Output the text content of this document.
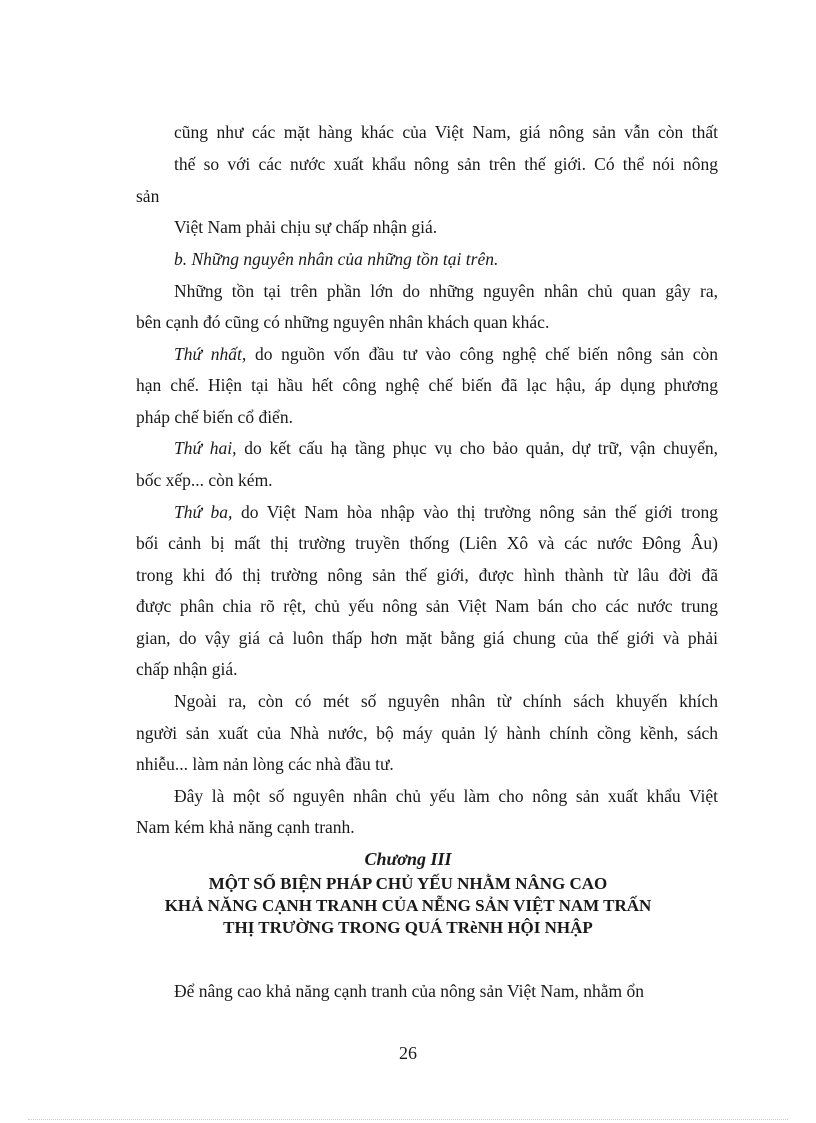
cũng như các mặt hàng khác của Việt Nam, giá nông sản vẫn còn thất

thế so với các nước xuất khẩu nông sản trên thế giới. Có thể nói nông

sản

Việt Nam phải chịu sự chấp nhận giá.

b. Những nguyên nhân của những tồn tại trên.

Những tồn tại trên phần lớn do những nguyên nhân chủ quan gây ra,

bên cạnh đó cũng có những nguyên nhân khách quan khác.

Thứ nhất, do nguồn vốn đầu tư vào công nghệ chế biến nông sản còn

hạn chế. Hiện tại hầu hết công nghệ chế biến đã lạc hậu, áp dụng phương

pháp chế biến cổ điển.

Thứ hai, do kết cấu hạ tầng phục vụ cho bảo quản, dự trữ, vận chuyển,

bốc xếp... còn kém.

Thứ ba, do Việt Nam hòa nhập vào thị trường nông sản thế giới trong

bối cảnh bị mất thị trường truyền thống (Liên Xô và các nước Đông Âu)

trong khi đó thị trường nông sản thế giới, được hình thành từ lâu đời đã

được phân chia rõ rệt, chủ yếu nông sản Việt Nam bán cho các nước trung

gian, do vậy giá cả luôn thấp hơn mặt bằng giá chung của thế giới và phải

chấp nhận giá.

Ngoài ra, còn có mét số nguyên nhân từ chính sách khuyến khích

người sản xuất của Nhà nước, bộ máy quản lý hành chính cồng kềnh, sách

nhiễu... làm nản lòng các nhà đầu tư.

Đây là một số nguyên nhân chủ yếu làm cho nông sản xuất khẩu Việt

Nam kém khả năng cạnh tranh.

Chương III

MỘT SỐ BIỆN PHÁP CHỦ YẾU NHẰM NÂNG CAO

KHẢ NĂNG CẠNH TRANH CỦA NỄNG SẢN VIỆT NAM TRẤN

THỊ TRƯỜNG TRONG QUÁ TRèNH HỘI NHẬP

Để nâng cao khả năng cạnh tranh của nông sản Việt Nam, nhằm ổn

26
